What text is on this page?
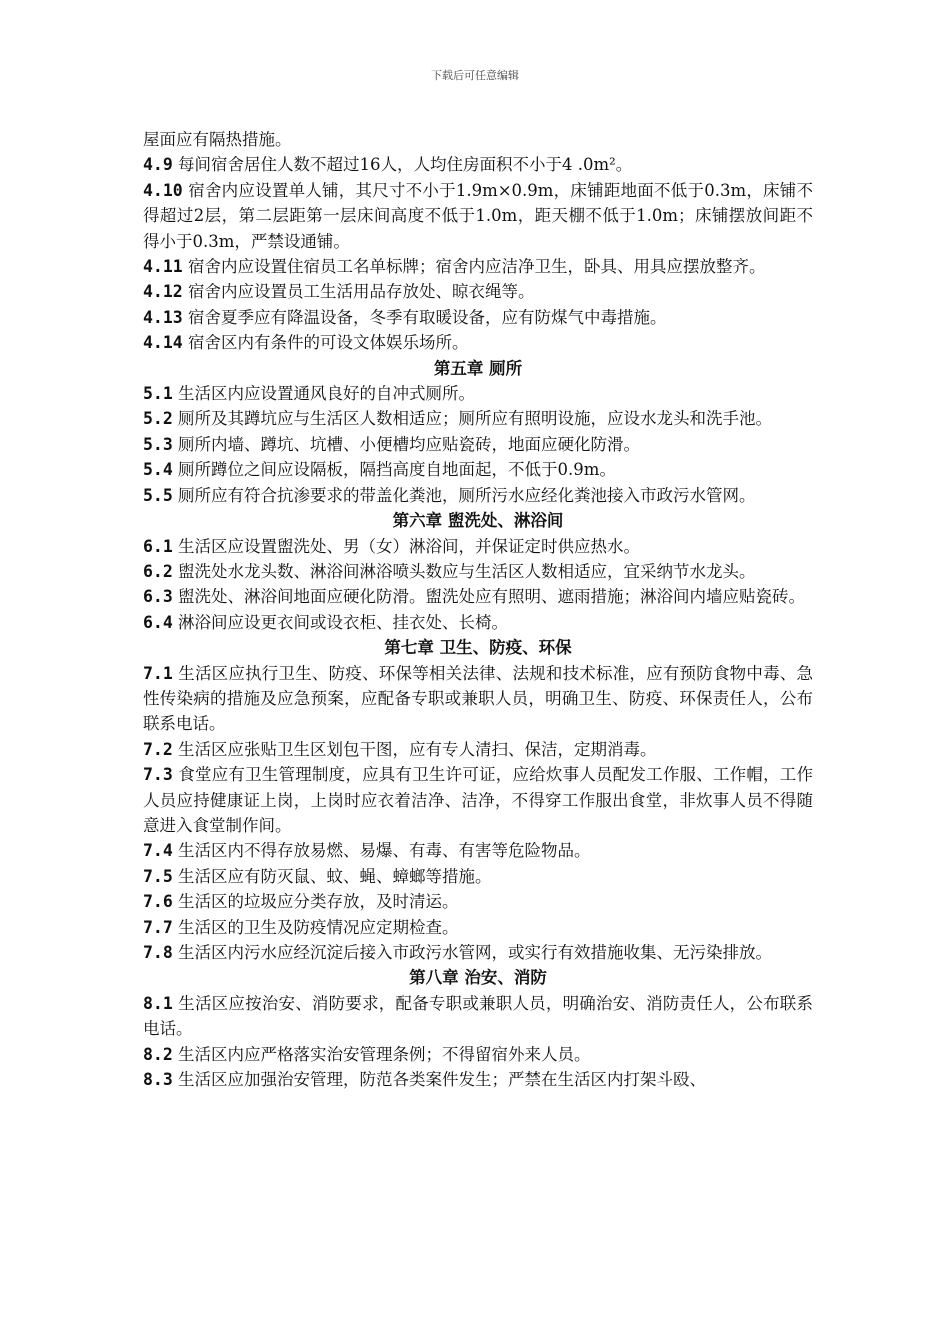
下载后可任意编辑

屋面应有隔热措施。

4.9 每间宿舍居住人数不超过16人，人均住房面积不小于4 .0m²。

4.10 宿舍内应设置单人铺，其尺寸不小于1.9m×0.9m，床铺距地面不低于0.3m，床铺不得超过2层，第二层距第一层床间高度不低于1.0m，距天棚不低于1.0m；床铺摆放间距不得小于0.3m，严禁设通铺。

4.11 宿舍内应设置住宿员工名单标牌；宿舍内应洁净卫生，卧具、用具应摆放整齐。

4.12 宿舍内应设置员工生活用品存放处、晾衣绳等。

4.13 宿舍夏季应有降温设备，冬季有取暖设备，应有防煤气中毒措施。

4.14 宿舍区内有条件的可设文体娱乐场所。

第五章 厕所

5.1 生活区内应设置通风良好的自冲式厕所。

5.2 厕所及其蹲坑应与生活区人数相适应；厕所应有照明设施，应设水龙头和洗手池。

5.3 厕所内墙、蹲坑、坑槽、小便槽均应贴瓷砖，地面应硬化防滑。

5.4 厕所蹲位之间应设隔板，隔挡高度自地面起，不低于0.9m。

5.5 厕所应有符合抗渗要求的带盖化粪池，厕所污水应经化粪池接入市政污水管网。

第六章 盥洗处、淋浴间

6.1 生活区应设置盥洗处、男（女）淋浴间，并保证定时供应热水。

6.2 盥洗处水龙头数、淋浴间淋浴喷头数应与生活区人数相适应，宜采纳节水龙头。

6.3 盥洗处、淋浴间地面应硬化防滑。盥洗处应有照明、遮雨措施；淋浴间内墙应贴瓷砖。

6.4 淋浴间应设更衣间或设衣柜、挂衣处、长椅。

第七章 卫生、防疫、环保

7.1 生活区应执行卫生、防疫、环保等相关法律、法规和技术标准，应有预防食物中毒、急性传染病的措施及应急预案，应配备专职或兼职人员，明确卫生、防疫、环保责任人，公布联系电话。

7.2 生活区应张贴卫生区划包干图，应有专人清扫、保洁，定期消毒。

7.3 食堂应有卫生管理制度，应具有卫生许可证，应给炊事人员配发工作服、工作帽，工作人员应持健康证上岗，上岗时应衣着洁净、洁净，不得穿工作服出食堂，非炊事人员不得随意进入食堂制作间。

7.4 生活区内不得存放易燃、易爆、有毒、有害等危险物品。

7.5 生活区应有防灭鼠、蚊、蝇、蟑螂等措施。

7.6 生活区的垃圾应分类存放，及时清运。

7.7 生活区的卫生及防疫情况应定期检查。

7.8 生活区内污水应经沉淀后接入市政污水管网，或实行有效措施收集、无污染排放。

第八章 治安、消防

8.1 生活区应按治安、消防要求，配备专职或兼职人员，明确治安、消防责任人，公布联系电话。

8.2 生活区内应严格落实治安管理条例；不得留宿外来人员。

8.3 生活区应加强治安管理，防范各类案件发生；严禁在生活区内打架斗殴、
